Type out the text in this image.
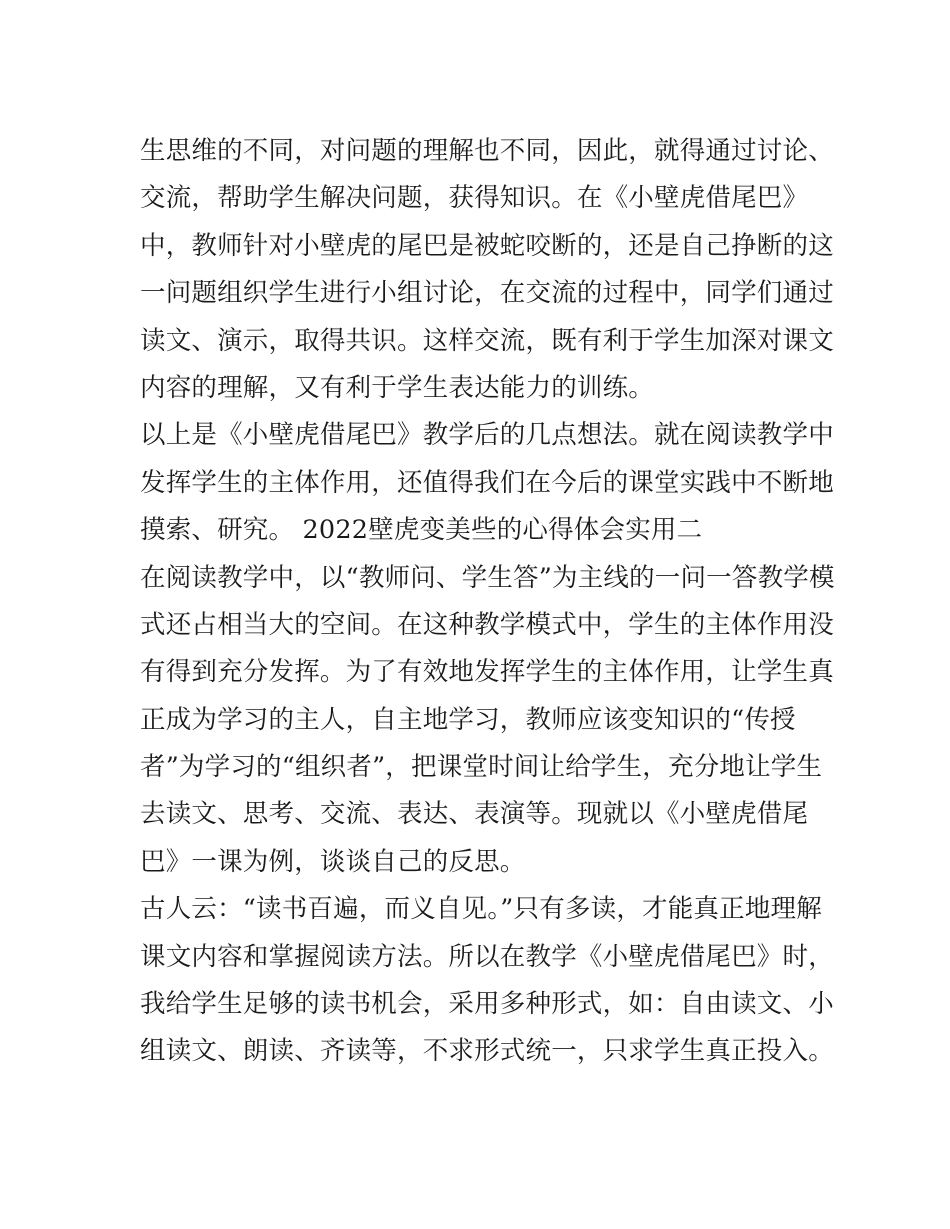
生思维的不同，对问题的理解也不同，因此，就得通过讨论、
交流，帮助学生解决问题，获得知识。在《小壁虎借尾巴》
中，教师针对小壁虎的尾巴是被蛇咬断的，还是自己挣断的这
一问题组织学生进行小组讨论，在交流的过程中，同学们通过
读文、演示，取得共识。这样交流，既有利于学生加深对课文
内容的理解，又有利于学生表达能力的训练。
以上是《小壁虎借尾巴》教学后的几点想法。就在阅读教学中
发挥学生的主体作用，还值得我们在今后的课堂实践中不断地
摸索、研究。 2022壁虎变美些的心得体会实用二
在阅读教学中，以“教师问、学生答”为主线的一问一答教学模
式还占相当大的空间。在这种教学模式中，学生的主体作用没
有得到充分发挥。为了有效地发挥学生的主体作用，让学生真
正成为学习的主人，自主地学习，教师应该变知识的“传授
者”为学习的“组织者”，把课堂时间让给学生，充分地让学生
去读文、思考、交流、表达、表演等。现就以《小壁虎借尾
巴》一课为例，谈谈自己的反思。
古人云：“读书百遍，而义自见。”只有多读，才能真正地理解
课文内容和掌握阅读方法。所以在教学《小壁虎借尾巴》时，
我给学生足够的读书机会，采用多种形式，如：自由读文、小
组读文、朗读、齐读等，不求形式统一，只求学生真正投入。
